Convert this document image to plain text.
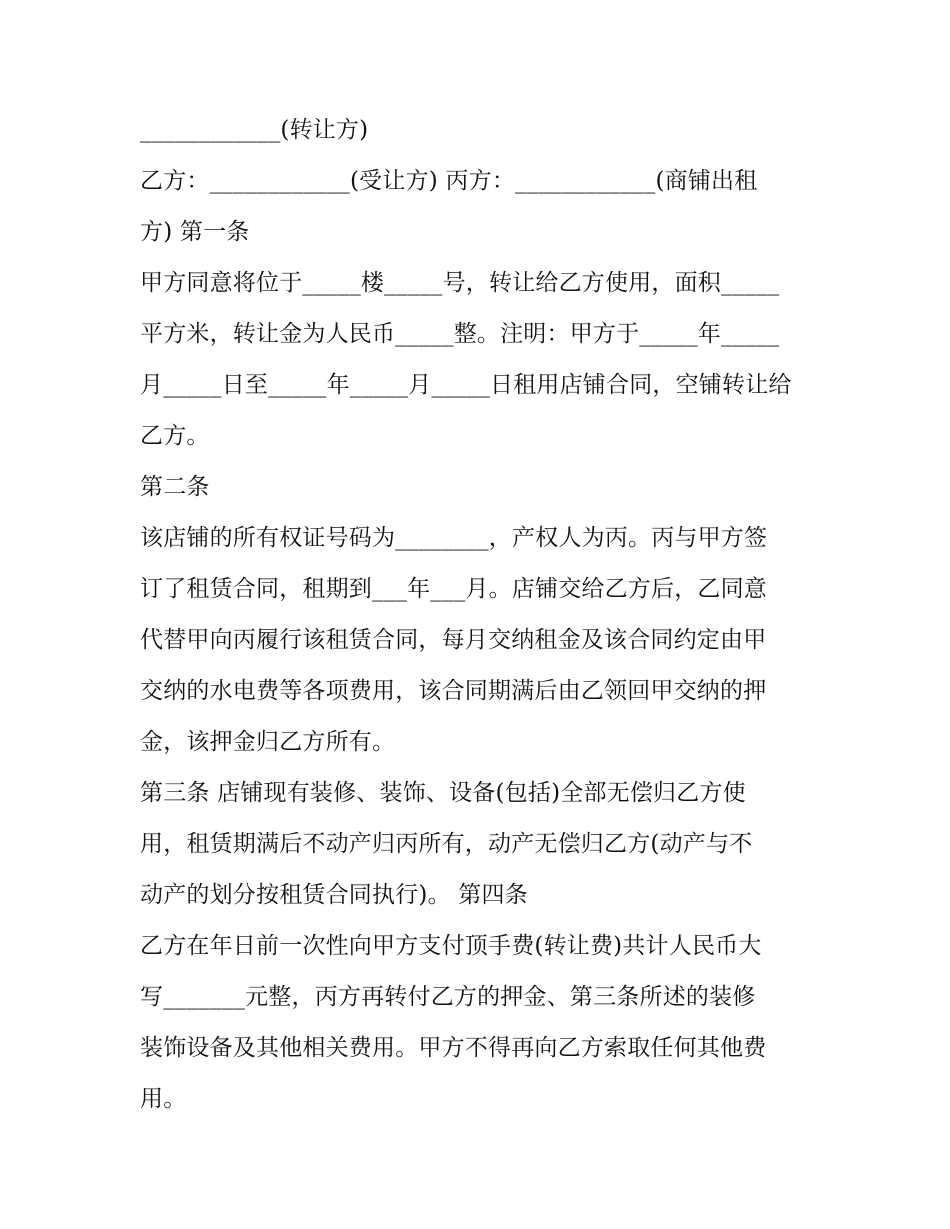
____________(转让方)
乙方：____________(受让方) 丙方：____________(商铺出租
方) 第一条
甲方同意将位于_____楼_____号，转让给乙方使用，面积_____
平方米，转让金为人民币_____整。注明：甲方于_____年_____
月_____日至_____年_____月_____日租用店铺合同，空铺转让给
乙方。
第二条
该店铺的所有权证号码为________，产权人为丙。丙与甲方签
订了租赁合同，租期到___年___月。店铺交给乙方后，乙同意
代替甲向丙履行该租赁合同，每月交纳租金及该合同约定由甲
交纳的水电费等各项费用，该合同期满后由乙领回甲交纳的押
金，该押金归乙方所有。
第三条 店铺现有装修、装饰、设备(包括)全部无偿归乙方使
用，租赁期满后不动产归丙所有，动产无偿归乙方(动产与不
动产的划分按租赁合同执行)。 第四条
乙方在年日前一次性向甲方支付顶手费(转让费)共计人民币大
写_______元整，丙方再转付乙方的押金、第三条所述的装修
装饰设备及其他相关费用。甲方不得再向乙方索取任何其他费
用。
